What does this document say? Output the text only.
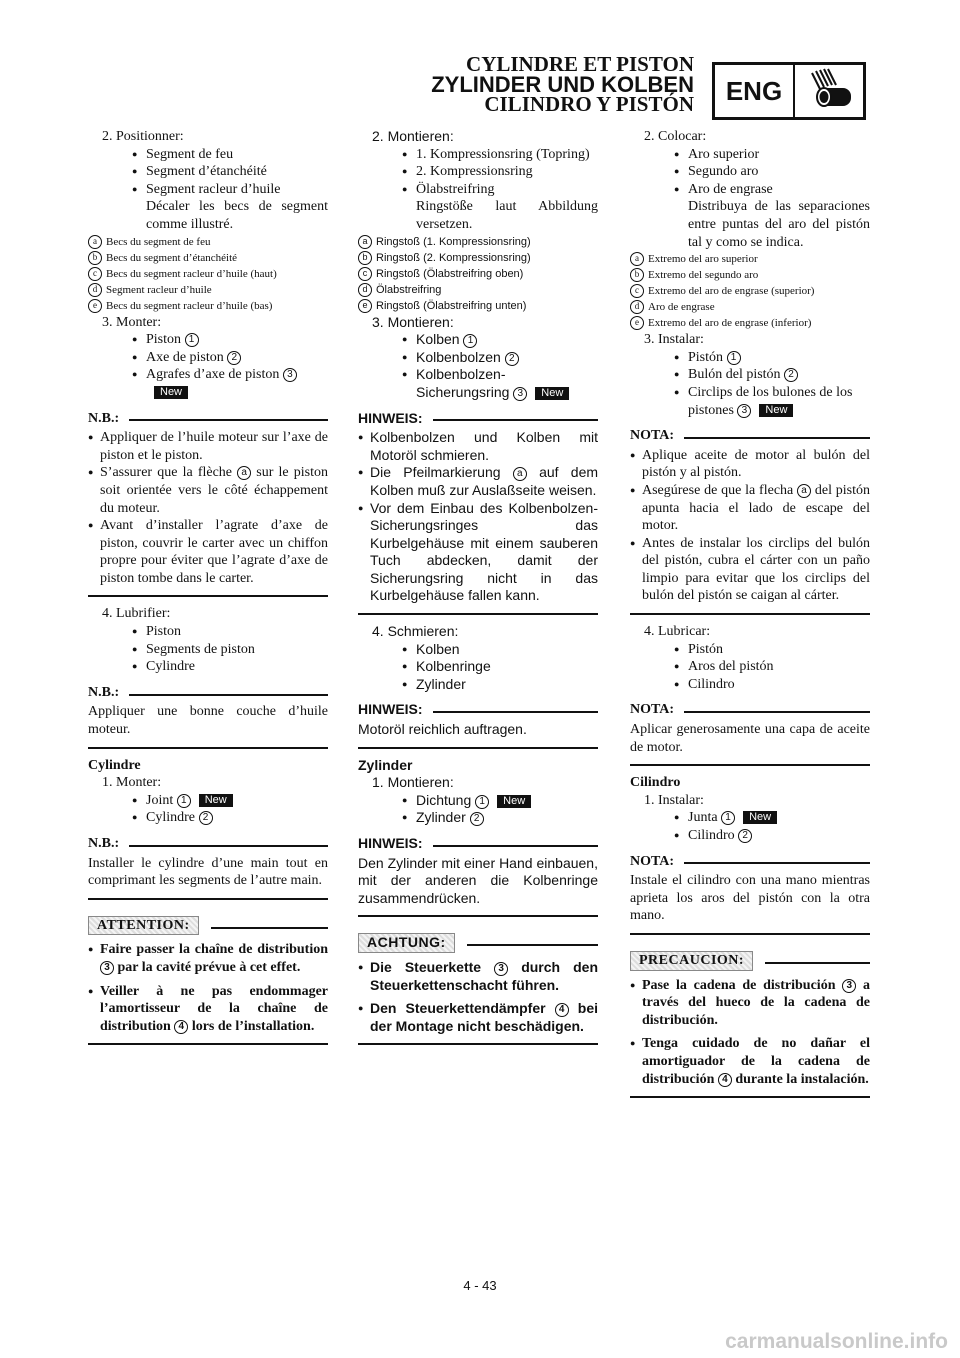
CYLINDRE ET PISTON
ZYLINDER UND KOLBEN
CILINDRO Y PISTÓN	ENG
2. Positionner:
● Segment de feu
● Segment d’étanchéité
● Segment racleur d’huile
Décaler les becs de segment comme illustré.
a Becs du segment de feu
b Becs du segment d’étanchéité
c Becs du segment racleur d’huile (haut)
d Segment racleur d’huile
e Becs du segment racleur d’huile (bas)
3. Monter:
● Piston 1
● Axe de piston 2
● Agrafes d’axe de piston 3New
N.B.:
● Appliquer de l’huile moteur sur l’axe de piston et le piston.
● S’assurer que la flèche a sur le piston soit orientée vers le côté échappement du moteur.
● Avant d’installer l’agrate d’axe de piston, couvrir le carter avec un chiffon propre pour éviter que l’agrate d’axe de piston tombe dans le carter.
4. Lubrifier:
● Piston
● Segments de piston
● Cylindre
N.B.:
Appliquer une bonne couche d’huile moteur.
Cylindre
1. Monter:
● Joint 1 New
● Cylindre 2
N.B.:
Installer le cylindre d’une main tout en comprimant les segments de l’autre main.
ATTENTION:
● Faire passer la chaîne de distribution 3 par la cavité prévue à cet effet.
● Veiller à ne pas endommager l’amortisseur de la chaîne de distribution 4 lors de l’installation.
2. Montieren:
● 1. Kompressionsring (Topring)
● 2. Kompressionsring
● Ölabstreifring
Ringstöße laut Abbildung versetzen.
a Ringstoß (1. Kompressionsring)
b Ringstoß (2. Kompressionsring)
c Ringstoß (Ölabstreifring oben)
d Ölabstreifring
e Ringstoß (Ölabstreifring unten)
3. Montieren:
● Kolben 1
● Kolbenbolzen 2
● Kolbenbolzen-Sicherungsring 3 New
HINWEIS:
● Kolbenbolzen und Kolben mit Motoröl schmieren.
● Die Pfeilmarkierung a auf dem Kolben muß zur Auslaßseite weisen.
● Vor dem Einbau des Kolbenbolzen-Sicherungsringes das Kurbelgehäuse mit einem sauberen Tuch abdecken, damit der Sicherungsring nicht in das Kurbelgehäuse fallen kann.
4. Schmieren:
● Kolben
● Kolbenringe
● Zylinder
HINWEIS:
Motoröl reichlich auftragen.
Zylinder
1. Montieren:
● Dichtung 1 New
● Zylinder 2
HINWEIS:
Den Zylinder mit einer Hand einbauen, mit der anderen die Kolbenringe zusammendrücken.
ACHTUNG:
● Die Steuerkette 3 durch den Steuerkettenschacht führen.
● Den Steuerkettendämpfer 4 bei der Montage nicht beschädigen.
2. Colocar:
● Aro superior
● Segundo aro
● Aro de engrase
Distribuya de las separaciones entre puntas del aro del pistón tal y como se indica.
a Extremo del aro superior
b Extremo del segundo aro
c Extremo del aro de engrase (superior)
d Aro de engrase
e Extremo del aro de engrase (inferior)
3. Instalar:
● Pistón 1
● Bulón del pistón 2
● Circlips de los bulones de los pistones 3 New
NOTA:
● Aplique aceite de motor al bulón del pistón y al pistón.
● Asegúrese de que la flecha a del pistón apunta hacia el lado de escape del motor.
● Antes de instalar los circlips del bulón del pistón, cubra el cárter con un paño limpio para evitar que los circlips del bulón del pistón se caigan al cárter.
4. Lubricar:
● Pistón
● Aros del pistón
● Cilindro
NOTA:
Aplicar generosamente una capa de aceite de motor.
Cilindro
1. Instalar:
● Junta 1 New
● Cilindro 2
NOTA:
Instale el cilindro con una mano mientras aprieta los aros del pistón con la otra mano.
PRECAUCION:
● Pase la cadena de distribución 3 a través del hueco de la cadena de distribución.
● Tenga cuidado de no dañar el amortiguador de la cadena de distribución 4 durante la instalación.
4 - 43
carmanualsonline.info
